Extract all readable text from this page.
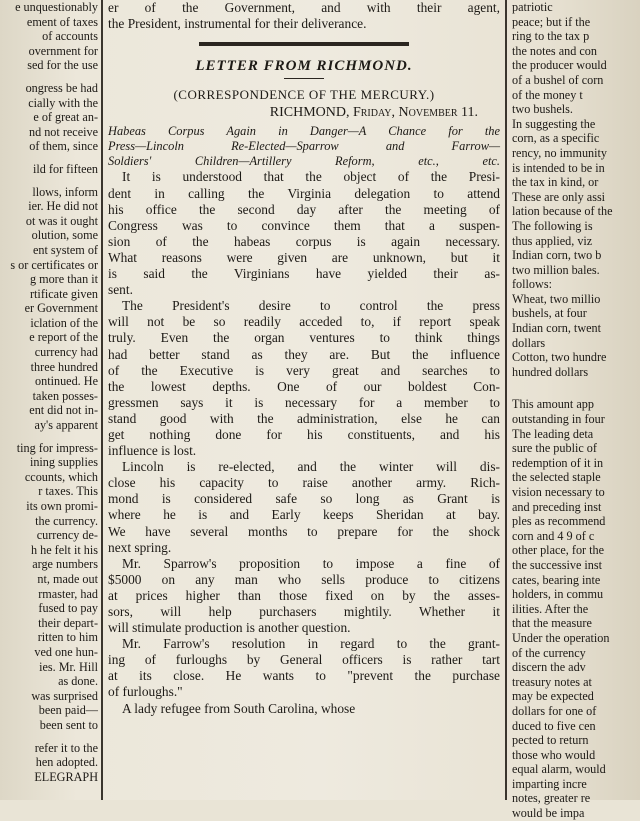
e unquestionably
ement of taxes
of accounts
overnment for
sed for the use
ongress be had
cially with the
e of great an-
nd not receive
of them, since
ild for fifteen
llows, inform
ier. He did not
ot was it ought
olution, some
ent system of
s or certificates or
g more than it
rtificate given
er Government
iclation of the
e report of the
currency had
three hundred
ontinued. He
taken posses-
ent did not in-
ay's apparent
ting for impress-
ining supplies
ccounts, which
r taxes. This
its own promi-
the currency.
currency de-
h he felt it his
arge numbers
nt, made out
rmaster, had
fused to pay
their depart-
ritten to him
ved one hun-
ies. Mr. Hill
as done.
was surprised
been paid—
been sent to
refer it to the
hen adopted.
ELEGRAPH
er of the Government, and with their agent,
the President, instrumental for their deliverance.
LETTER FROM RICHMOND.
(CORRESPONDENCE OF THE MERCURY.)
RICHMOND, Friday, November 11.
Habeas Corpus Again in Danger—A Chance for the
Press—Lincoln Re-Elected—Sparrow and Farrow—
Soldiers' Children—Artillery Reform, etc., etc.
It is understood that the object of the Presi-
dent in calling the Virginia delegation to attend
his office the second day after the meeting of
Congress was to convince them that a suspen-
sion of the habeas corpus is again necessary.
What reasons were given are unknown, but it
is said the Virginians have yielded their as-
sent.
The President's desire to control the press
will not be so readily acceded to, if report speak
truly. Even the organ ventures to think things
had better stand as they are. But the influence
of the Executive is very great and searches to
the lowest depths. One of our boldest Con-
gressmen says it is necessary for a member to
stand good with the administration, else he can
get nothing done for his constituents, and his
influence is lost.
Lincoln is re-elected, and the winter will dis-
close his capacity to raise another army. Rich-
mond is considered safe so long as Grant is
where he is and Early keeps Sheridan at bay.
We have several months to prepare for the shock
next spring.
Mr. Sparrow's proposition to impose a fine of
$5000 on any man who sells produce to citizens
at prices higher than those fixed on by the asses-
sors, will help purchasers mightily. Whether it
will stimulate production is another question.
Mr. Farrow's resolution in regard to the grant-
ing of furloughs by General officers is rather tart
at its close. He wants to "prevent the purchase
of furloughs."
A lady refugee from South Carolina, whose
patriotic
peace; but if the
ring to the tax p
the notes and con
the producer would
of a bushel of corn
of the money t
two bushels.
In suggesting the
corn, as a specific
rency, no immunity
is intended to be in
the tax in kind, or
These are only assi
lation because of the
The following is
thus applied, viz
Indian corn, two b
two million bales.
follows:
Wheat, two millio
bushels, at four
Indian corn, twent
dollars
Cotton, two hundre
hundred dollars
This amount app
outstanding in four
The leading deta
sure the public of
redemption of it in
the selected staple
vision necessary to
and preceding inst
ples as recommend
corn and 4 9 of c
other place, for the
the successive inst
cates, bearing inte
holders, in commu
ilities. After the
that the measure
Under the operation
of the currency
discern the adv
treasury notes at
may be expected
dollars for one of
duced to five cen
pected to return
those who would
equal alarm, would
imparting incre
notes, greater re
would be impa
